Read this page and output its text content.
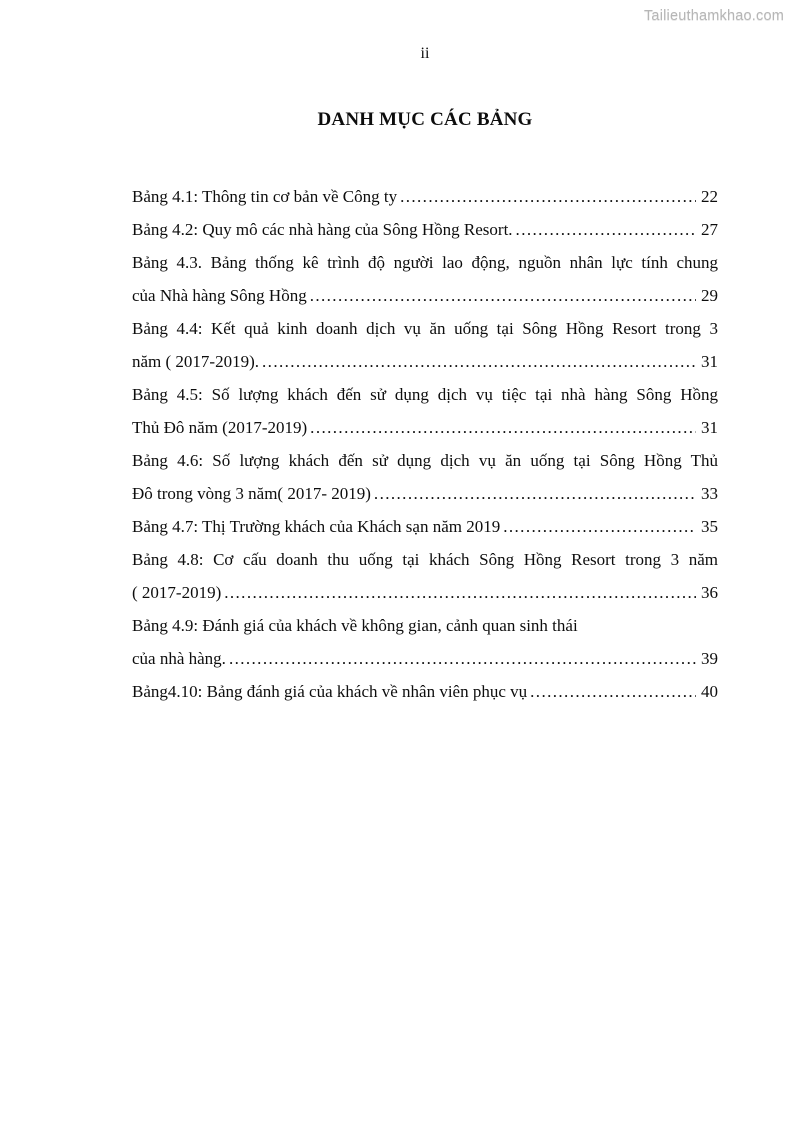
Tailieuthamkhao.com
ii
DANH MỤC CÁC BẢNG
Bảng 4.1: Thông tin cơ bản về Công ty .....	22
Bảng 4.2: Quy mô các nhà hàng của Sông Hồng Resort. .....	27
Bảng 4.3. Bảng thống kê trình độ người lao động, nguồn nhân lực tính chung
của Nhà hàng Sông Hồng .....	29
Bảng 4.4: Kết quả kinh doanh dịch vụ ăn uống tại Sông Hồng Resort trong 3
năm ( 2017-2019). .....	31
Bảng 4.5: Số lượng khách đến sử dụng dịch vụ tiệc tại nhà hàng Sông Hồng
Thủ Đô năm (2017-2019) .....	31
Bảng 4.6: Số lượng khách đến sử dụng dịch vụ ăn uống tại Sông Hồng Thủ
Đô trong vòng 3 năm( 2017- 2019) .....	33
Bảng 4.7: Thị Trường khách của Khách sạn năm 2019 .....	35
Bảng 4.8: Cơ cấu doanh thu uống tại khách Sông Hồng Resort trong 3 năm
( 2017-2019) .....	36
Bảng 4.9: Đánh giá của khách về không gian, cảnh quan sinh thái
của nhà hàng. .....	39
Bảng4.10: Bảng đánh giá của khách về nhân viên phục vụ .....	40
